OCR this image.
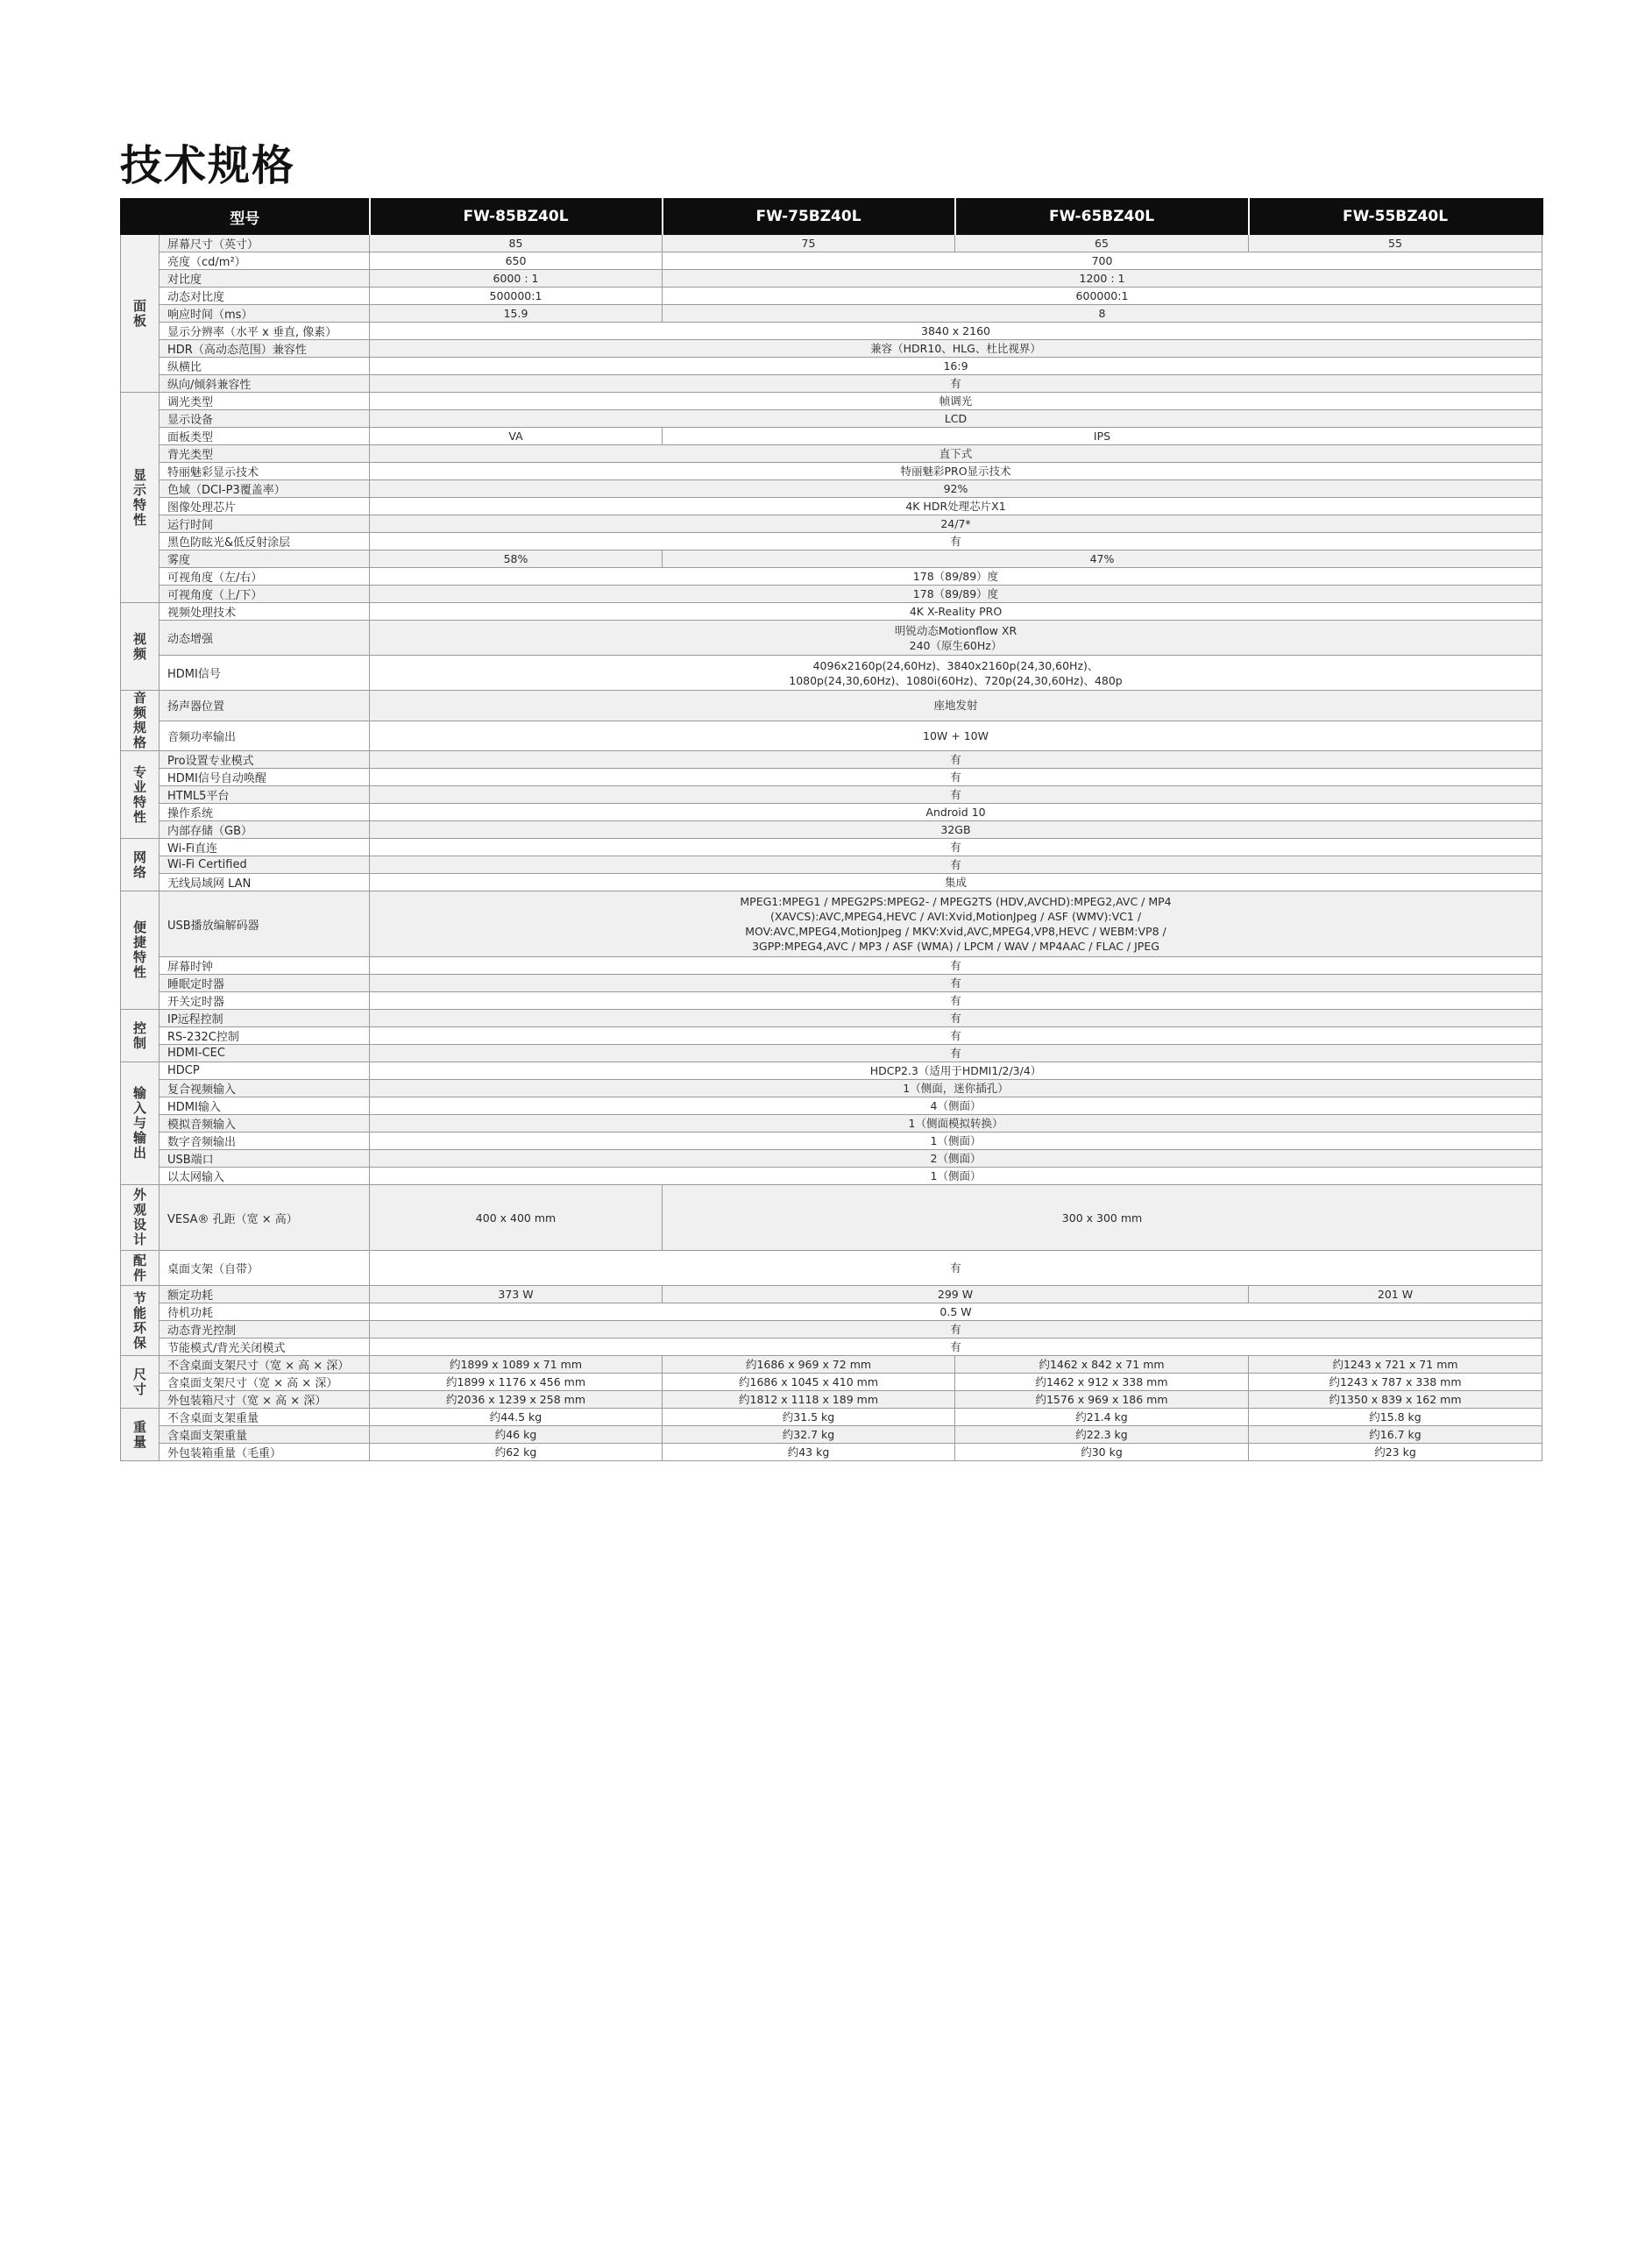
技术规格
型号		FW-85BZ40L	FW-75BZ40L	FW-65BZ40L	FW-55BZ40L
面板	屏幕尺寸（英寸）	85	75	65	55
	亮度（cd/m²）	650	700		
	对比度	6000 : 1	1200 : 1		
	动态对比度	500000:1	600000:1		
	响应时间（ms）	15.9	8		
	显示分辨率（水平 x 垂直, 像素）	3840 x 2160			
	HDR（高动态范围）兼容性	兼容（HDR10、HLG、杜比视界）			
	纵横比	16:9			
	纵向/倾斜兼容性	有			
显示特性	调光类型	帧调光			
	显示设备	LCD			
	面板类型	VA	IPS		
	背光类型	直下式			
	特丽魅彩显示技术	特丽魅彩PRO显示技术			
	色域（DCI-P3覆盖率）	92%			
	图像处理芯片	4K HDR处理芯片X1			
	运行时间	24/7*			
	黑色防眩光&低反射涂层	有			
	雾度	58%	47%		
	可视角度（左/右）	178（89/89）度			
	可视角度（上/下）	178（89/89）度			
视频	视频处理技术	4K X-Reality PRO			
	动态增强	明锐动态Motionflow XR
240（原生60Hz）			
	HDMI信号	4096x2160p(24,60Hz)、3840x2160p(24,30,60Hz)、
1080p(24,30,60Hz)、1080i(60Hz)、720p(24,30,60Hz)、480p			
音频规格	扬声器位置	座地发射			
	音频功率输出	10W + 10W			
专业特性	Pro设置专业模式	有			
	HDMI信号自动唤醒	有			
	HTML5平台	有			
	操作系统	Android 10			
	内部存储（GB）	32GB			
网络	Wi-Fi直连	有			
	Wi-Fi Certified	有			
	无线局域网 LAN	集成			
便捷特性	USB播放编解码器	MPEG1:MPEG1 / MPEG2PS:MPEG2- / MPEG2TS (HDV,AVCHD):MPEG2,AVC / MP4
(XAVCS):AVC,MPEG4,HEVC / AVI:Xvid,MotionJpeg / ASF (WMV):VC1 /
MOV:AVC,MPEG4,MotionJpeg / MKV:Xvid,AVC,MPEG4,VP8,HEVC / WEBM:VP8 /
3GPP:MPEG4,AVC / MP3 / ASF (WMA) / LPCM / WAV / MP4AAC / FLAC / JPEG			
	屏幕时钟	有			
	睡眠定时器	有			
	开关定时器	有			
控制	IP远程控制	有			
	RS-232C控制	有			
	HDMI-CEC	有			
输入与输出	HDCP	HDCP2.3（适用于HDMI1/2/3/4）			
	复合视频输入	1（侧面，迷你插孔）			
	HDMI输入	4（侧面）			
	模拟音频输入	1（侧面模拟转换）			
	数字音频输出	1（侧面）			
	USB端口	2（侧面）			
	以太网输入	1（侧面）			
外观设计	VESA® 孔距（宽 × 高）	400 x 400 mm	300 x 300 mm		
配件	桌面支架（自带）	有			
节能环保	额定功耗	373 W	299 W		201 W
	待机功耗	0.5 W			
	动态背光控制	有			
	节能模式/背光关闭模式	有			
尺寸	不含桌面支架尺寸（宽 × 高 × 深）	约1899 x 1089 x 71 mm	约1686 x 969 x 72 mm	约1462 x 842 x 71 mm	约1243 x 721 x 71 mm
	含桌面支架尺寸（宽 × 高 × 深）	约1899 x 1176 x 456 mm	约1686 x 1045 x 410 mm	约1462 x 912 x 338 mm	约1243 x 787 x 338 mm
	外包装箱尺寸（宽 × 高 × 深）	约2036 x 1239 x 258 mm	约1812 x 1118 x 189 mm	约1576 x 969 x 186 mm	约1350 x 839 x 162 mm
重量	不含桌面支架重量	约44.5 kg	约31.5 kg	约21.4 kg	约15.8 kg
	含桌面支架重量	约46 kg	约32.7 kg	约22.3 kg	约16.7 kg
	外包装箱重量（毛重）	约62 kg	约43 kg	约30 kg	约23 kg
